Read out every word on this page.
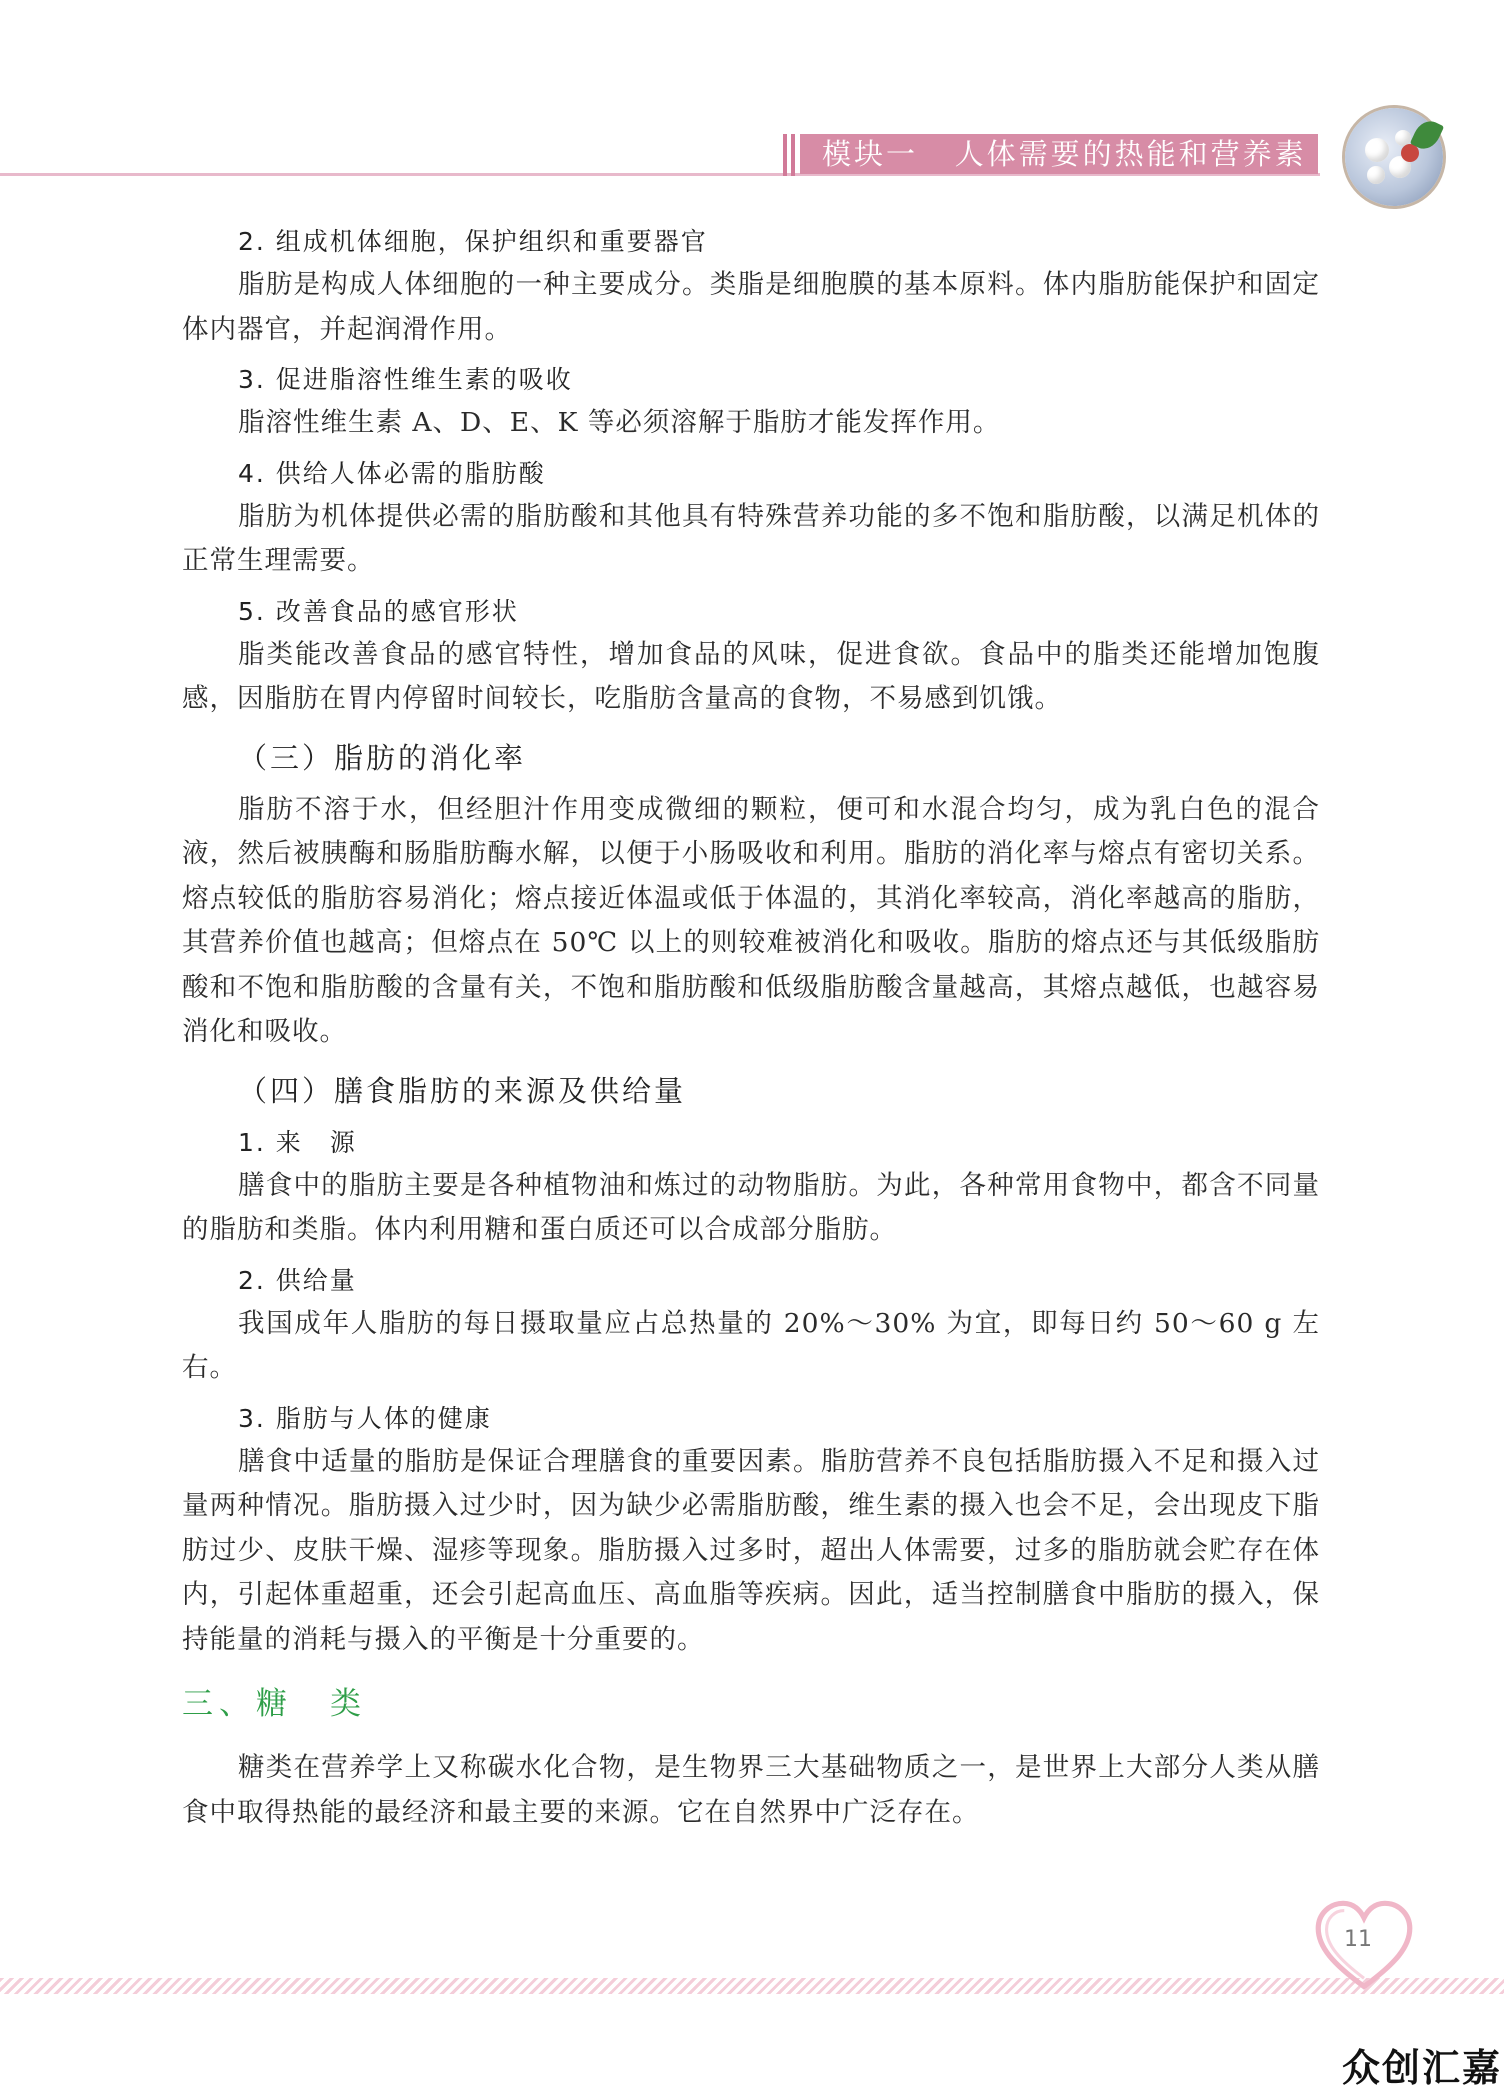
模块一 人体需要的热能和营养素

2. 组成机体细胞，保护组织和重要器官

脂肪是构成人体细胞的一种主要成分。类脂是细胞膜的基本原料。体内脂肪能保护和固定体内器官，并起润滑作用。

3. 促进脂溶性维生素的吸收

脂溶性维生素 A、D、E、K 等必须溶解于脂肪才能发挥作用。

4. 供给人体必需的脂肪酸

脂肪为机体提供必需的脂肪酸和其他具有特殊营养功能的多不饱和脂肪酸，以满足机体的正常生理需要。

5. 改善食品的感官形状

脂类能改善食品的感官特性，增加食品的风味，促进食欲。食品中的脂类还能增加饱腹感，因脂肪在胃内停留时间较长，吃脂肪含量高的食物，不易感到饥饿。

（三）脂肪的消化率

脂肪不溶于水，但经胆汁作用变成微细的颗粒，便可和水混合均匀，成为乳白色的混合液，然后被胰酶和肠脂肪酶水解，以便于小肠吸收和利用。脂肪的消化率与熔点有密切关系。熔点较低的脂肪容易消化；熔点接近体温或低于体温的，其消化率较高，消化率越高的脂肪，其营养价值也越高；但熔点在 50℃ 以上的则较难被消化和吸收。脂肪的熔点还与其低级脂肪酸和不饱和脂肪酸的含量有关，不饱和脂肪酸和低级脂肪酸含量越高，其熔点越低，也越容易消化和吸收。

（四）膳食脂肪的来源及供给量

1. 来　源

膳食中的脂肪主要是各种植物油和炼过的动物脂肪。为此，各种常用食物中，都含不同量的脂肪和类脂。体内利用糖和蛋白质还可以合成部分脂肪。

2. 供给量

我国成年人脂肪的每日摄取量应占总热量的 20%～30% 为宜，即每日约 50～60 g 左右。

3. 脂肪与人体的健康

膳食中适量的脂肪是保证合理膳食的重要因素。脂肪营养不良包括脂肪摄入不足和摄入过量两种情况。脂肪摄入过少时，因为缺少必需脂肪酸，维生素的摄入也会不足，会出现皮下脂肪过少、皮肤干燥、湿疹等现象。脂肪摄入过多时，超出人体需要，过多的脂肪就会贮存在体内，引起体重超重，还会引起高血压、高血脂等疾病。因此，适当控制膳食中脂肪的摄入，保持能量的消耗与摄入的平衡是十分重要的。

三、糖　类

糖类在营养学上又称碳水化合物，是生物界三大基础物质之一，是世界上大部分人类从膳食中取得热能的最经济和最主要的来源。它在自然界中广泛存在。

11
众创汇嘉
